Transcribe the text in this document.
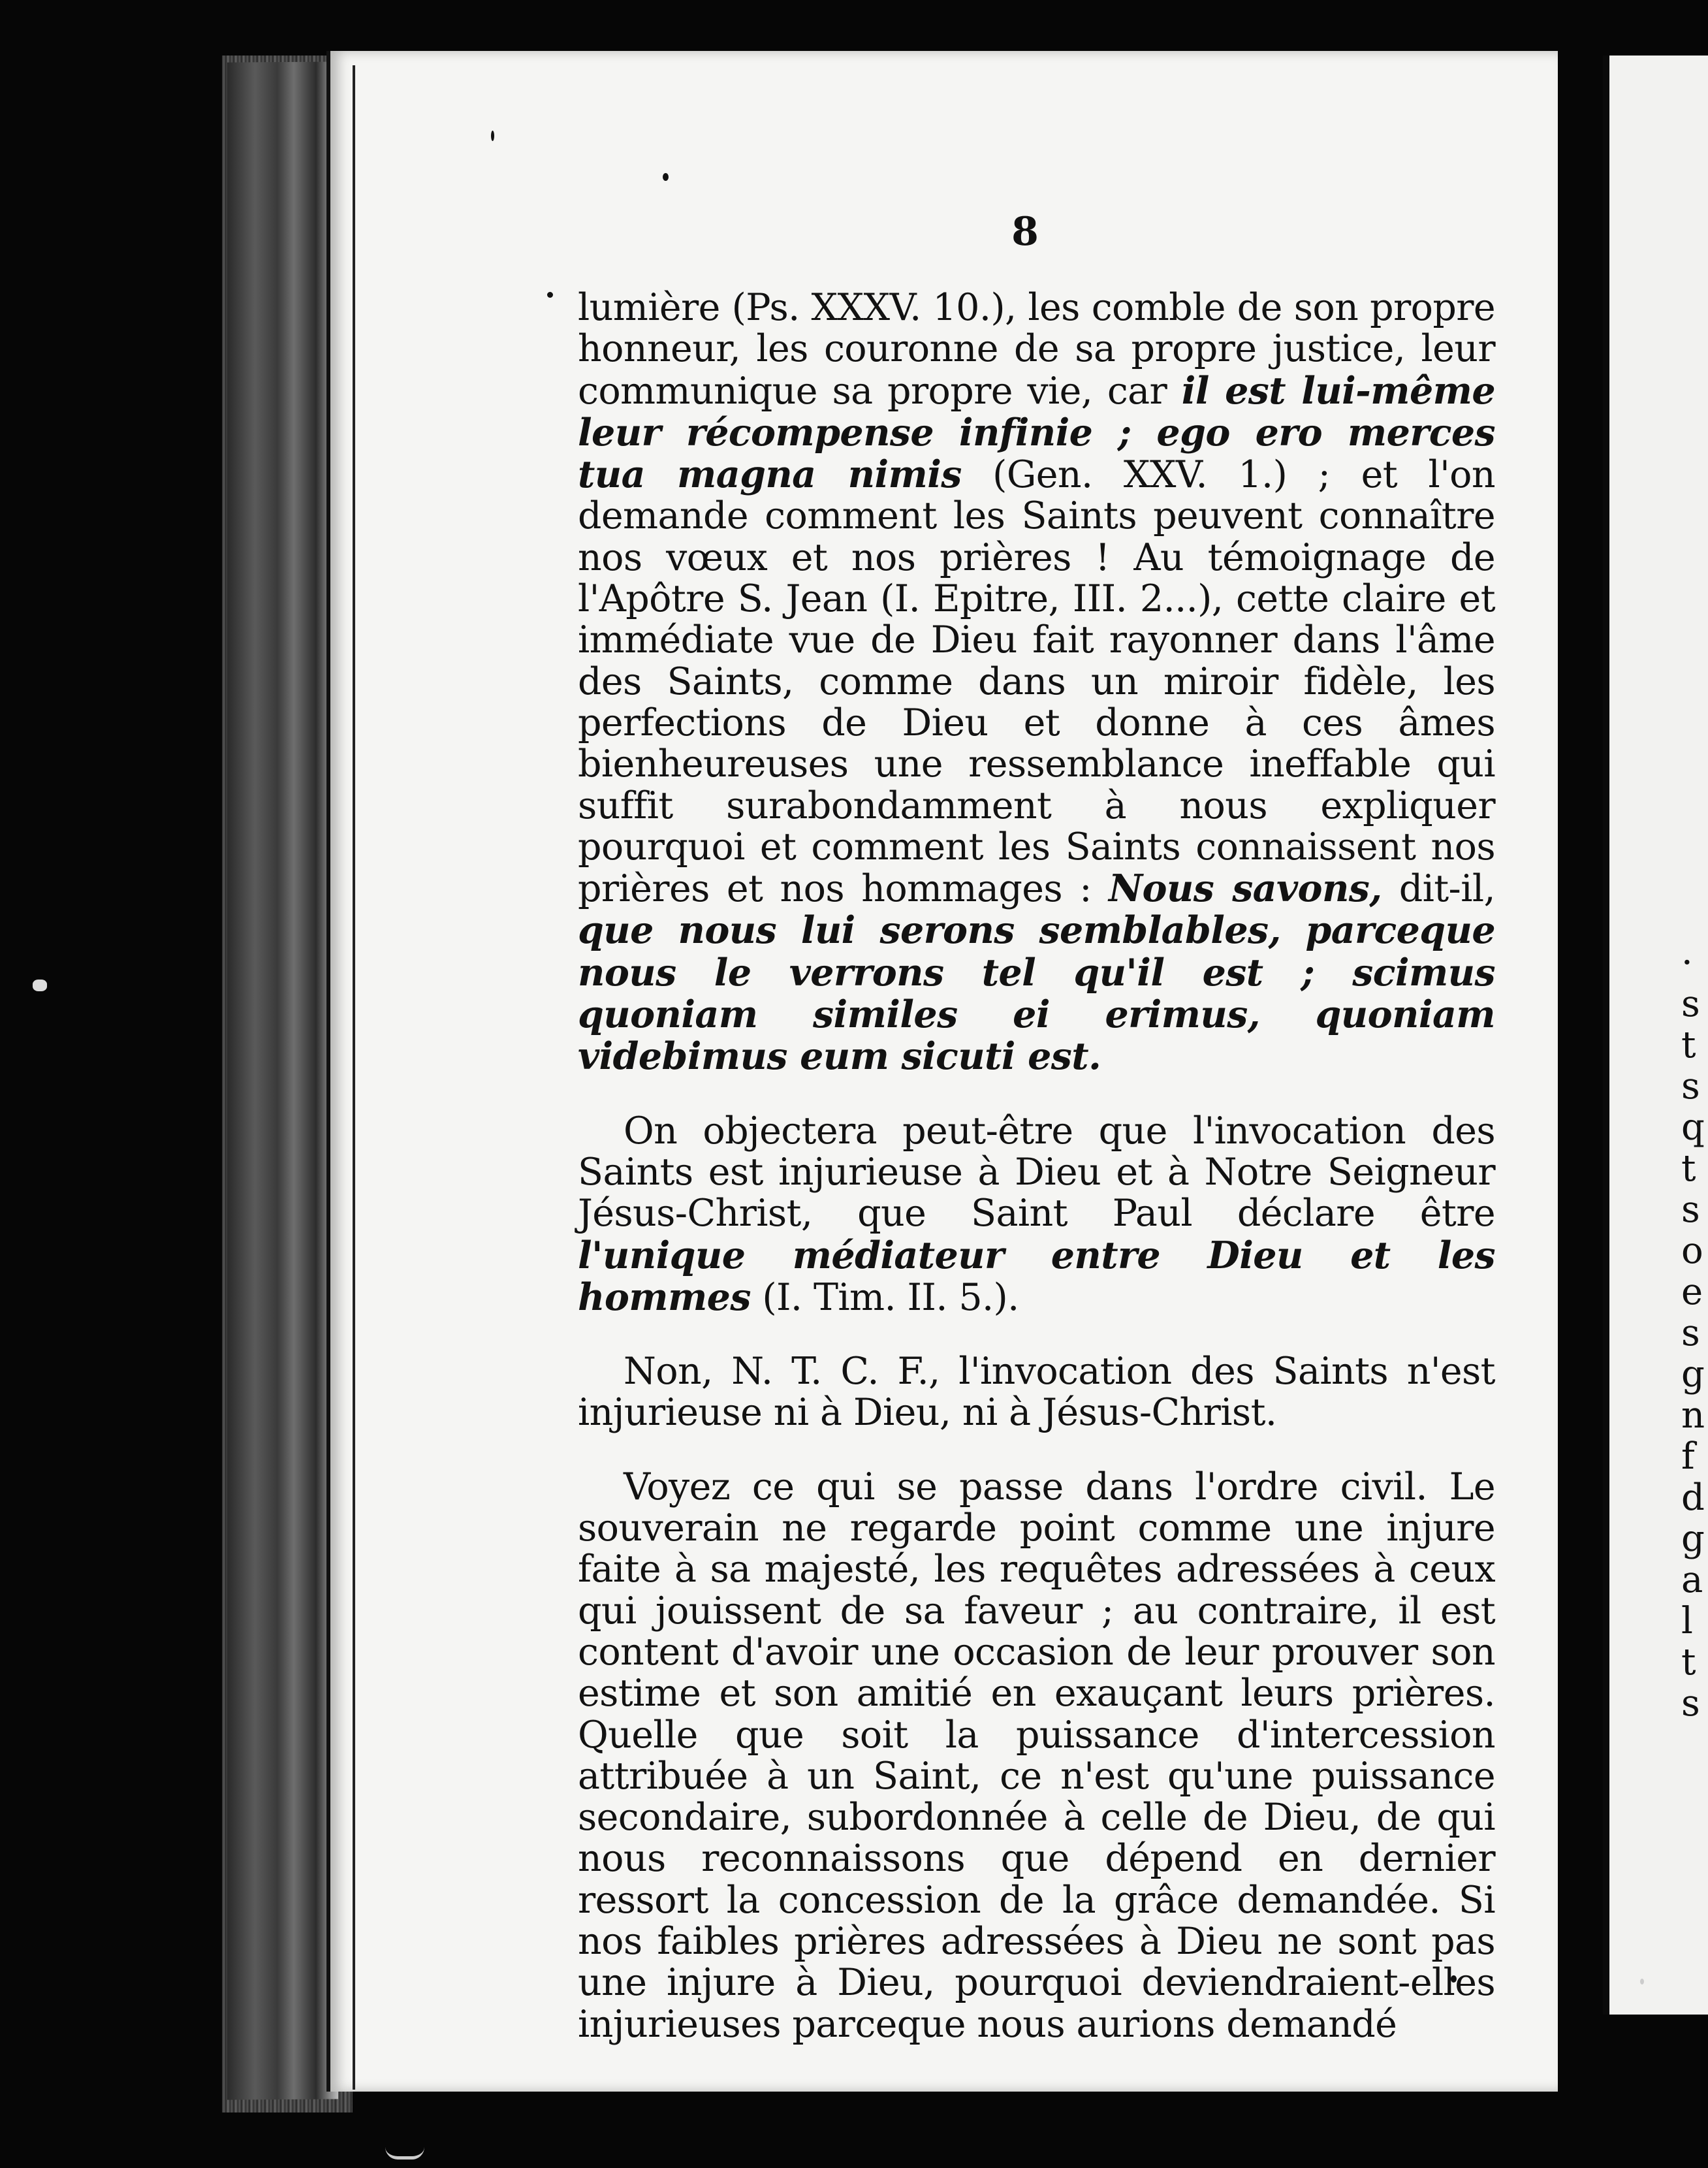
·
s
t
s
q
t
s
o
e
s
g
n
f
d
g
a
l
t
s
8

lumière (Ps. XXXV. 10.), les comble de son propre honneur, les couronne de sa propre justice, leur communique sa propre vie, car il est lui-même leur récompense infinie ; ego ero merces tua magna nimis (Gen. XXV. 1.) ; et l'on demande comment les Saints peuvent connaître nos vœux et nos prières ! Au témoignage de l'Apôtre S. Jean (I. Epitre, III. 2...), cette claire et immédiate vue de Dieu fait rayonner dans l'âme des Saints, comme dans un miroir fidèle, les perfections de Dieu et donne à ces âmes bienheureuses une ressemblance ineffable qui suffit surabondamment à nous expliquer pourquoi et comment les Saints connaissent nos prières et nos hommages : Nous savons, dit-il, que nous lui serons semblables, parceque nous le verrons tel qu'il est ; scimus quoniam similes ei erimus, quoniam videbimus eum sicuti est.

On objectera peut-être que l'invocation des Saints est injurieuse à Dieu et à Notre Seigneur Jésus-Christ, que Saint Paul déclare être l'unique médiateur entre Dieu et les hommes (I. Tim. II. 5.).

Non, N. T. C. F., l'invocation des Saints n'est injurieuse ni à Dieu, ni à Jésus-Christ.

Voyez ce qui se passe dans l'ordre civil. Le souverain ne regarde point comme une injure faite à sa majesté, les requêtes adressées à ceux qui jouissent de sa faveur ; au contraire, il est content d'avoir une occasion de leur prouver son estime et son amitié en exauçant leurs prières. Quelle que soit la puissance d'intercession attribuée à un Saint, ce n'est qu'une puissance secondaire, subordonnée à celle de Dieu, de qui nous reconnaissons que dépend en dernier ressort la concession de la grâce demandée. Si nos faibles prières adressées à Dieu ne sont pas une injure à Dieu, pourquoi deviendraient-elles injurieuses parceque nous aurions demandé
